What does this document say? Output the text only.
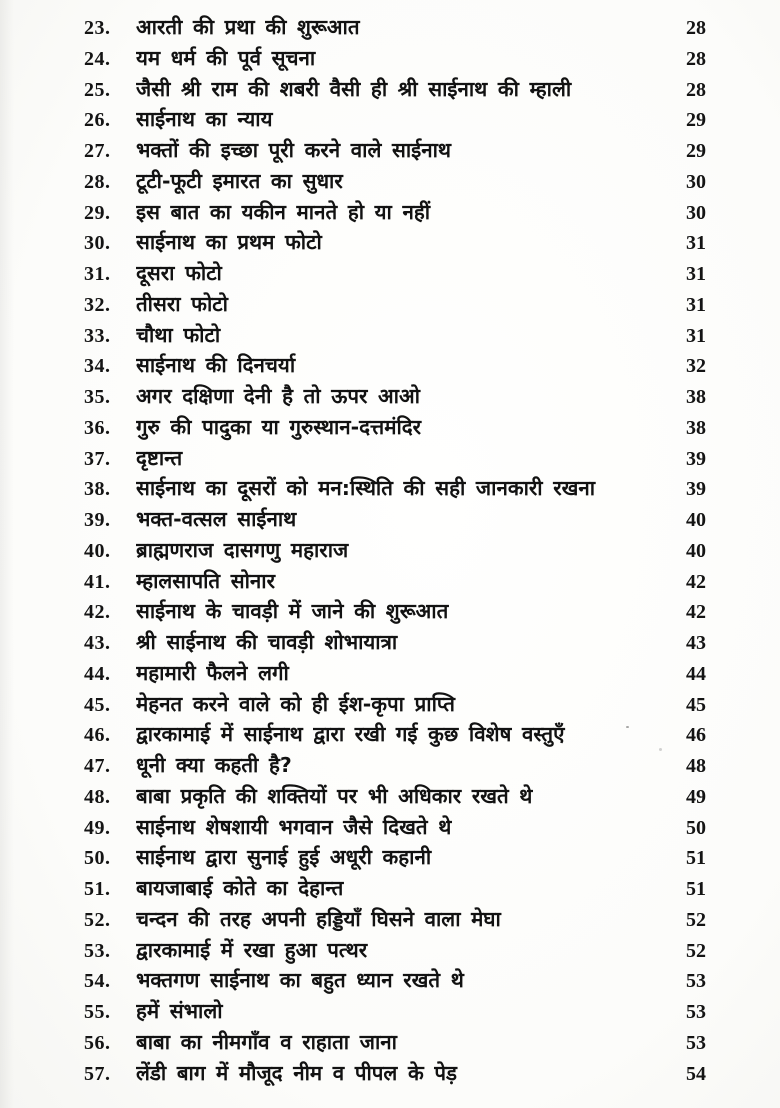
23.	आरती की प्रथा की शुरूआत	28
24.	यम धर्म की पूर्व सूचना	28
25.	जैसी श्री राम की शबरी वैसी ही श्री साईनाथ की म्हाली	28
26.	साईनाथ का न्याय	29
27.	भक्तों की इच्छा पूरी करने वाले साईनाथ	29
28.	टूटी-फूटी इमारत का सुधार	30
29.	इस बात का यकीन मानते हो या नहीं	30
30.	साईनाथ का प्रथम फोटो	31
31.	दूसरा फोटो	31
32.	तीसरा फोटो	31
33.	चौथा फोटो	31
34.	साईनाथ की दिनचर्या	32
35.	अगर दक्षिणा देनी है तो ऊपर आओ	38
36.	गुरु की पादुका या गुरुस्थान-दत्तमंदिर	38
37.	दृष्टान्त	39
38.	साईनाथ का दूसरों को मन:स्थिति की सही जानकारी रखना	39
39.	भक्त-वत्सल साईनाथ	40
40.	ब्राह्मणराज दासगणु महाराज	40
41.	म्हालसापति सोनार	42
42.	साईनाथ के चावड़ी में जाने की शुरूआत	42
43.	श्री साईनाथ की चावड़ी शोभायात्रा	43
44.	महामारी फैलने लगी	44
45.	मेहनत करने वाले को ही ईश-कृपा प्राप्ति	45
46.	द्वारकामाई में साईनाथ द्वारा रखी गई कुछ विशेष वस्तुएँ	46
47.	धूनी क्या कहती है?	48
48.	बाबा प्रकृति की शक्तियों पर भी अधिकार रखते थे	49
49.	साईनाथ शेषशायी भगवान जैसे दिखते थे	50
50.	साईनाथ द्वारा सुनाई हुई अधूरी कहानी	51
51.	बायजाबाई कोते का देहान्त	51
52.	चन्दन की तरह अपनी हड्डियाँ घिसने वाला मेघा	52
53.	द्वारकामाई में रखा हुआ पत्थर	52
54.	भक्तगण साईनाथ का बहुत ध्यान रखते थे	53
55.	हमें संभालो	53
56.	बाबा का नीमगाँव व राहाता जाना	53
57.	लेंडी बाग में मौजूद नीम व पीपल के पेड़	54
